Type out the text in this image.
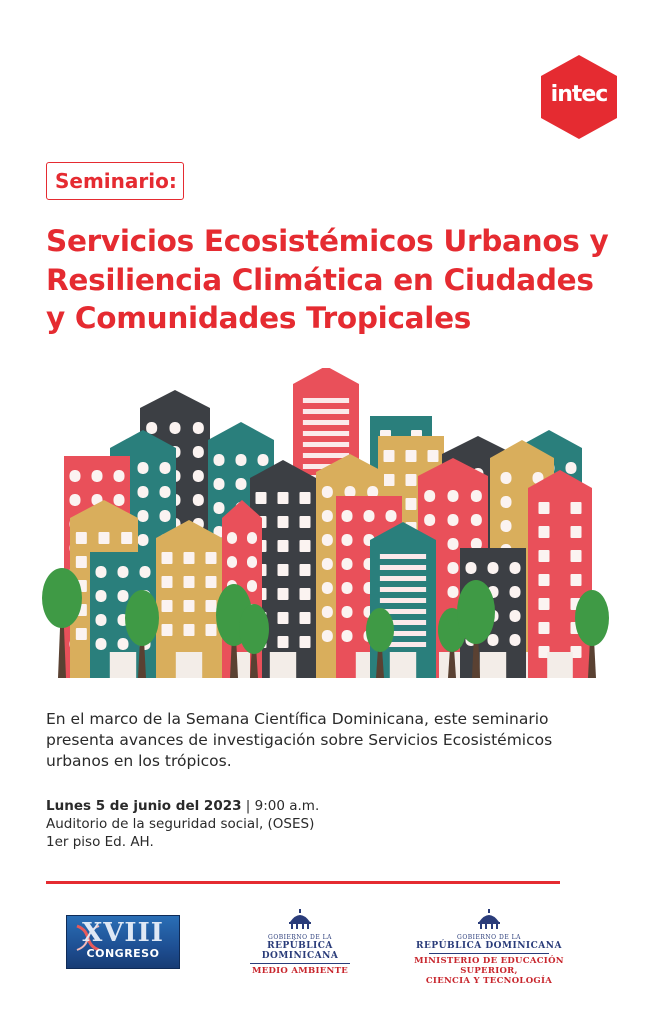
intec
Seminario:
Servicios Ecosistémicos Urbanos y
Resiliencia Climática en Ciudades
y Comunidades Tropicales
En el marco de la Semana Científica Dominicana, este seminario
presenta avances de investigación sobre Servicios Ecosistémicos
urbanos en los trópicos.
Lunes 5 de junio del 2023 | 9:00 a.m.
Auditorio de la seguridad social, (OSES)
1er piso Ed. AH.
XVIII
CONGRESO
GOBIERNO DE LA
REPÚBLICA DOMINICANA
MEDIO AMBIENTE
GOBIERNO DE LA
REPÚBLICA DOMINICANA
MINISTERIO DE EDUCACIÓN SUPERIOR,
CIENCIA Y TECNOLOGÍA
